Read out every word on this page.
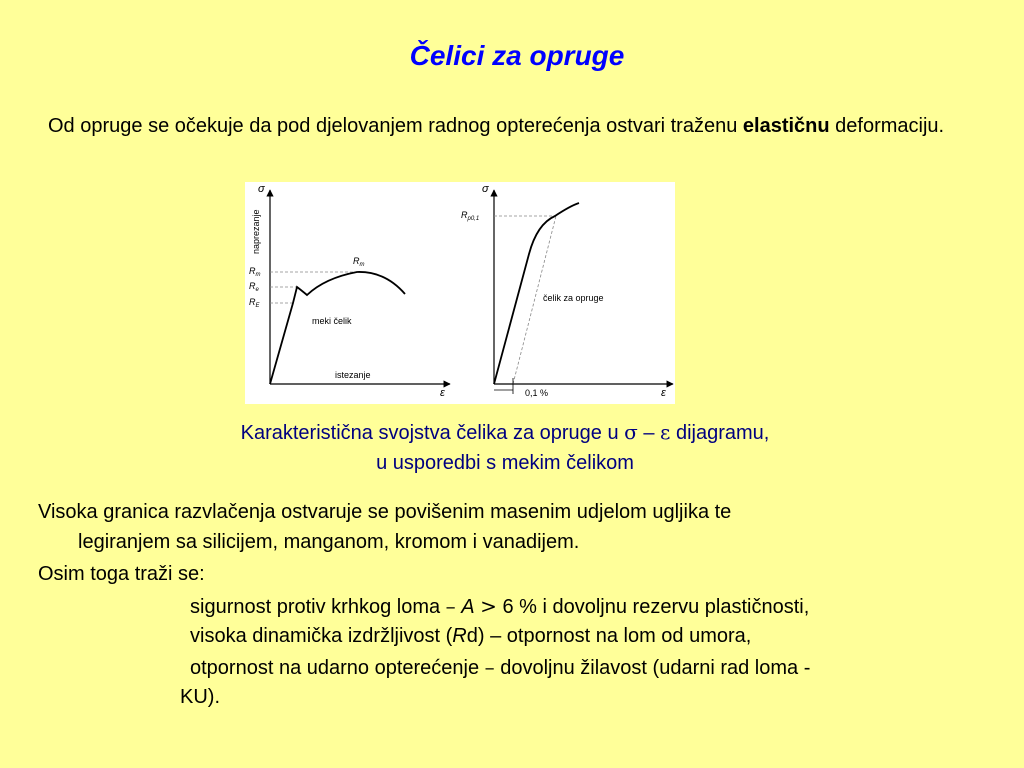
Čelici za opruge
Od opruge se očekuje da pod djelovanjem radnog opterećenja ostvari traženu elastičnu deformaciju.
σ
ε
naprezanje
istezanje
$R_m$
$R_e$
$R_E$
$R_m$
meki čelik
σ
ε
$R_{p0,1}$
čelik za opruge
0,1 %
Karakteristična svojstva čelika za opruge u σ – ε dijagramu,
u usporedbi s mekim čelikom
Visoka granica razvlačenja ostvaruje se povišenim masenim udjelom ugljika te
legiranjem sa silicijem, manganom, kromom i vanadijem.
Osim toga traži se:
sigurnost protiv krhkog loma – A > 6 % i dovoljnu rezervu plastičnosti,
visoka dinamička izdržljivost (Rd) – otpornost na lom od umora,
otpornost na udarno opterećenje – dovoljnu žilavost (udarni rad loma -
KU).
